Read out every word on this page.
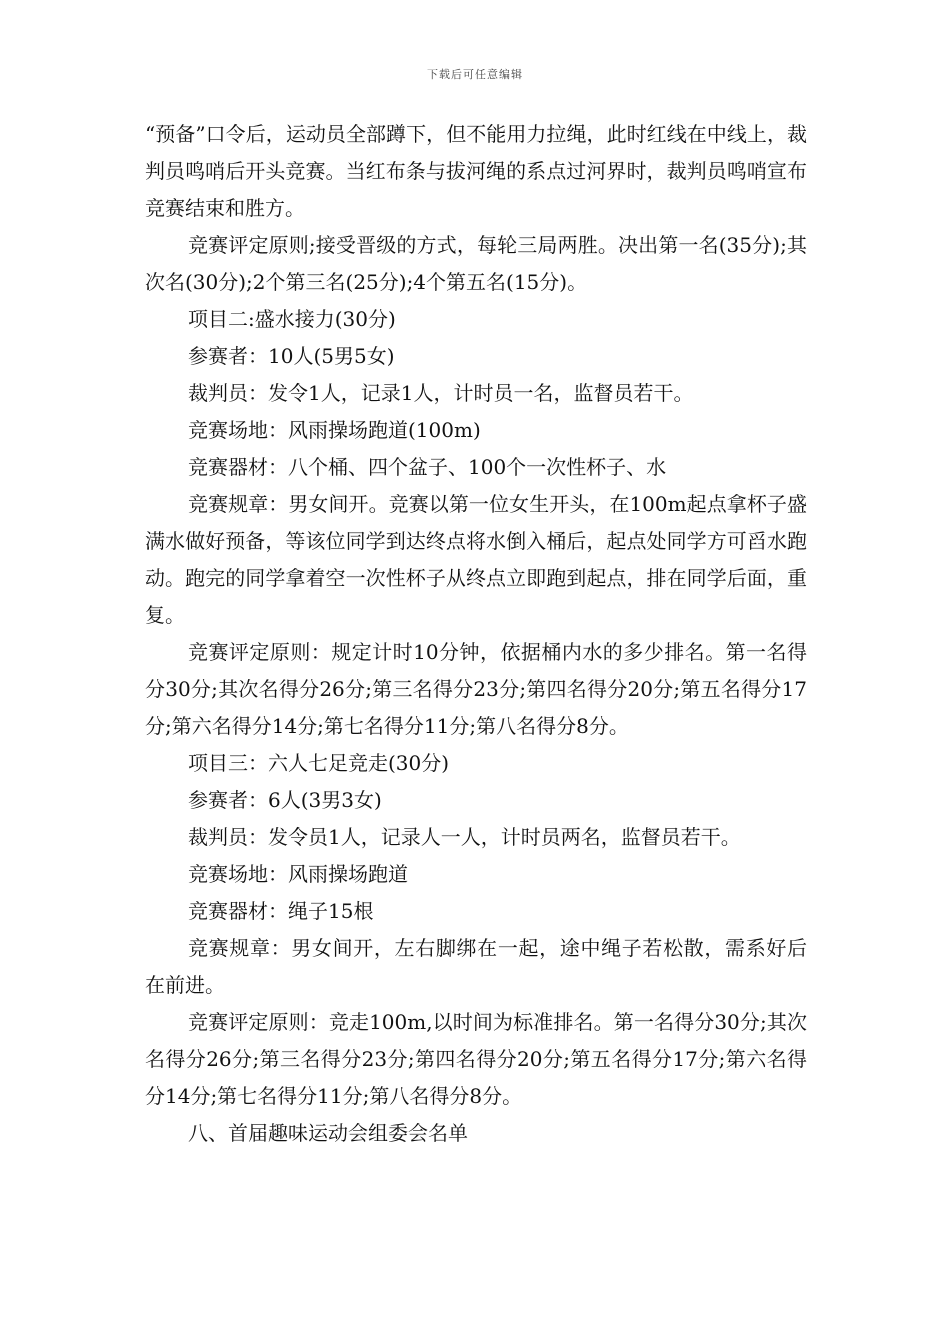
下载后可任意编辑

“预备”口令后，运动员全部蹲下，但不能用力拉绳，此时红线在中线上，裁判员鸣哨后开头竞赛。当红布条与拔河绳的系点过河界时，裁判员鸣哨宣布竞赛结束和胜方。

竞赛评定原则;接受晋级的方式，每轮三局两胜。决出第一名(35分);其次名(30分);2个第三名(25分);4个第五名(15分)。

项目二:盛水接力(30分)

参赛者：10人(5男5女)

裁判员：发令1人，记录1人，计时员一名，监督员若干。

竞赛场地：风雨操场跑道(100m)

竞赛器材：八个桶、四个盆子、100个一次性杯子、水

竞赛规章：男女间开。竞赛以第一位女生开头，在100m起点拿杯子盛满水做好预备，等该位同学到达终点将水倒入桶后，起点处同学方可舀水跑动。跑完的同学拿着空一次性杯子从终点立即跑到起点，排在同学后面，重复。

竞赛评定原则：规定计时10分钟，依据桶内水的多少排名。第一名得分30分;其次名得分26分;第三名得分23分;第四名得分20分;第五名得分17分;第六名得分14分;第七名得分11分;第八名得分8分。

项目三：六人七足竞走(30分)

参赛者：6人(3男3女)

裁判员：发令员1人，记录人一人，计时员两名，监督员若干。

竞赛场地：风雨操场跑道

竞赛器材：绳子15根

竞赛规章：男女间开，左右脚绑在一起，途中绳子若松散，需系好后在前进。

竞赛评定原则：竞走100m,以时间为标准排名。第一名得分30分;其次名得分26分;第三名得分23分;第四名得分20分;第五名得分17分;第六名得分14分;第七名得分11分;第八名得分8分。

八、首届趣味运动会组委会名单
